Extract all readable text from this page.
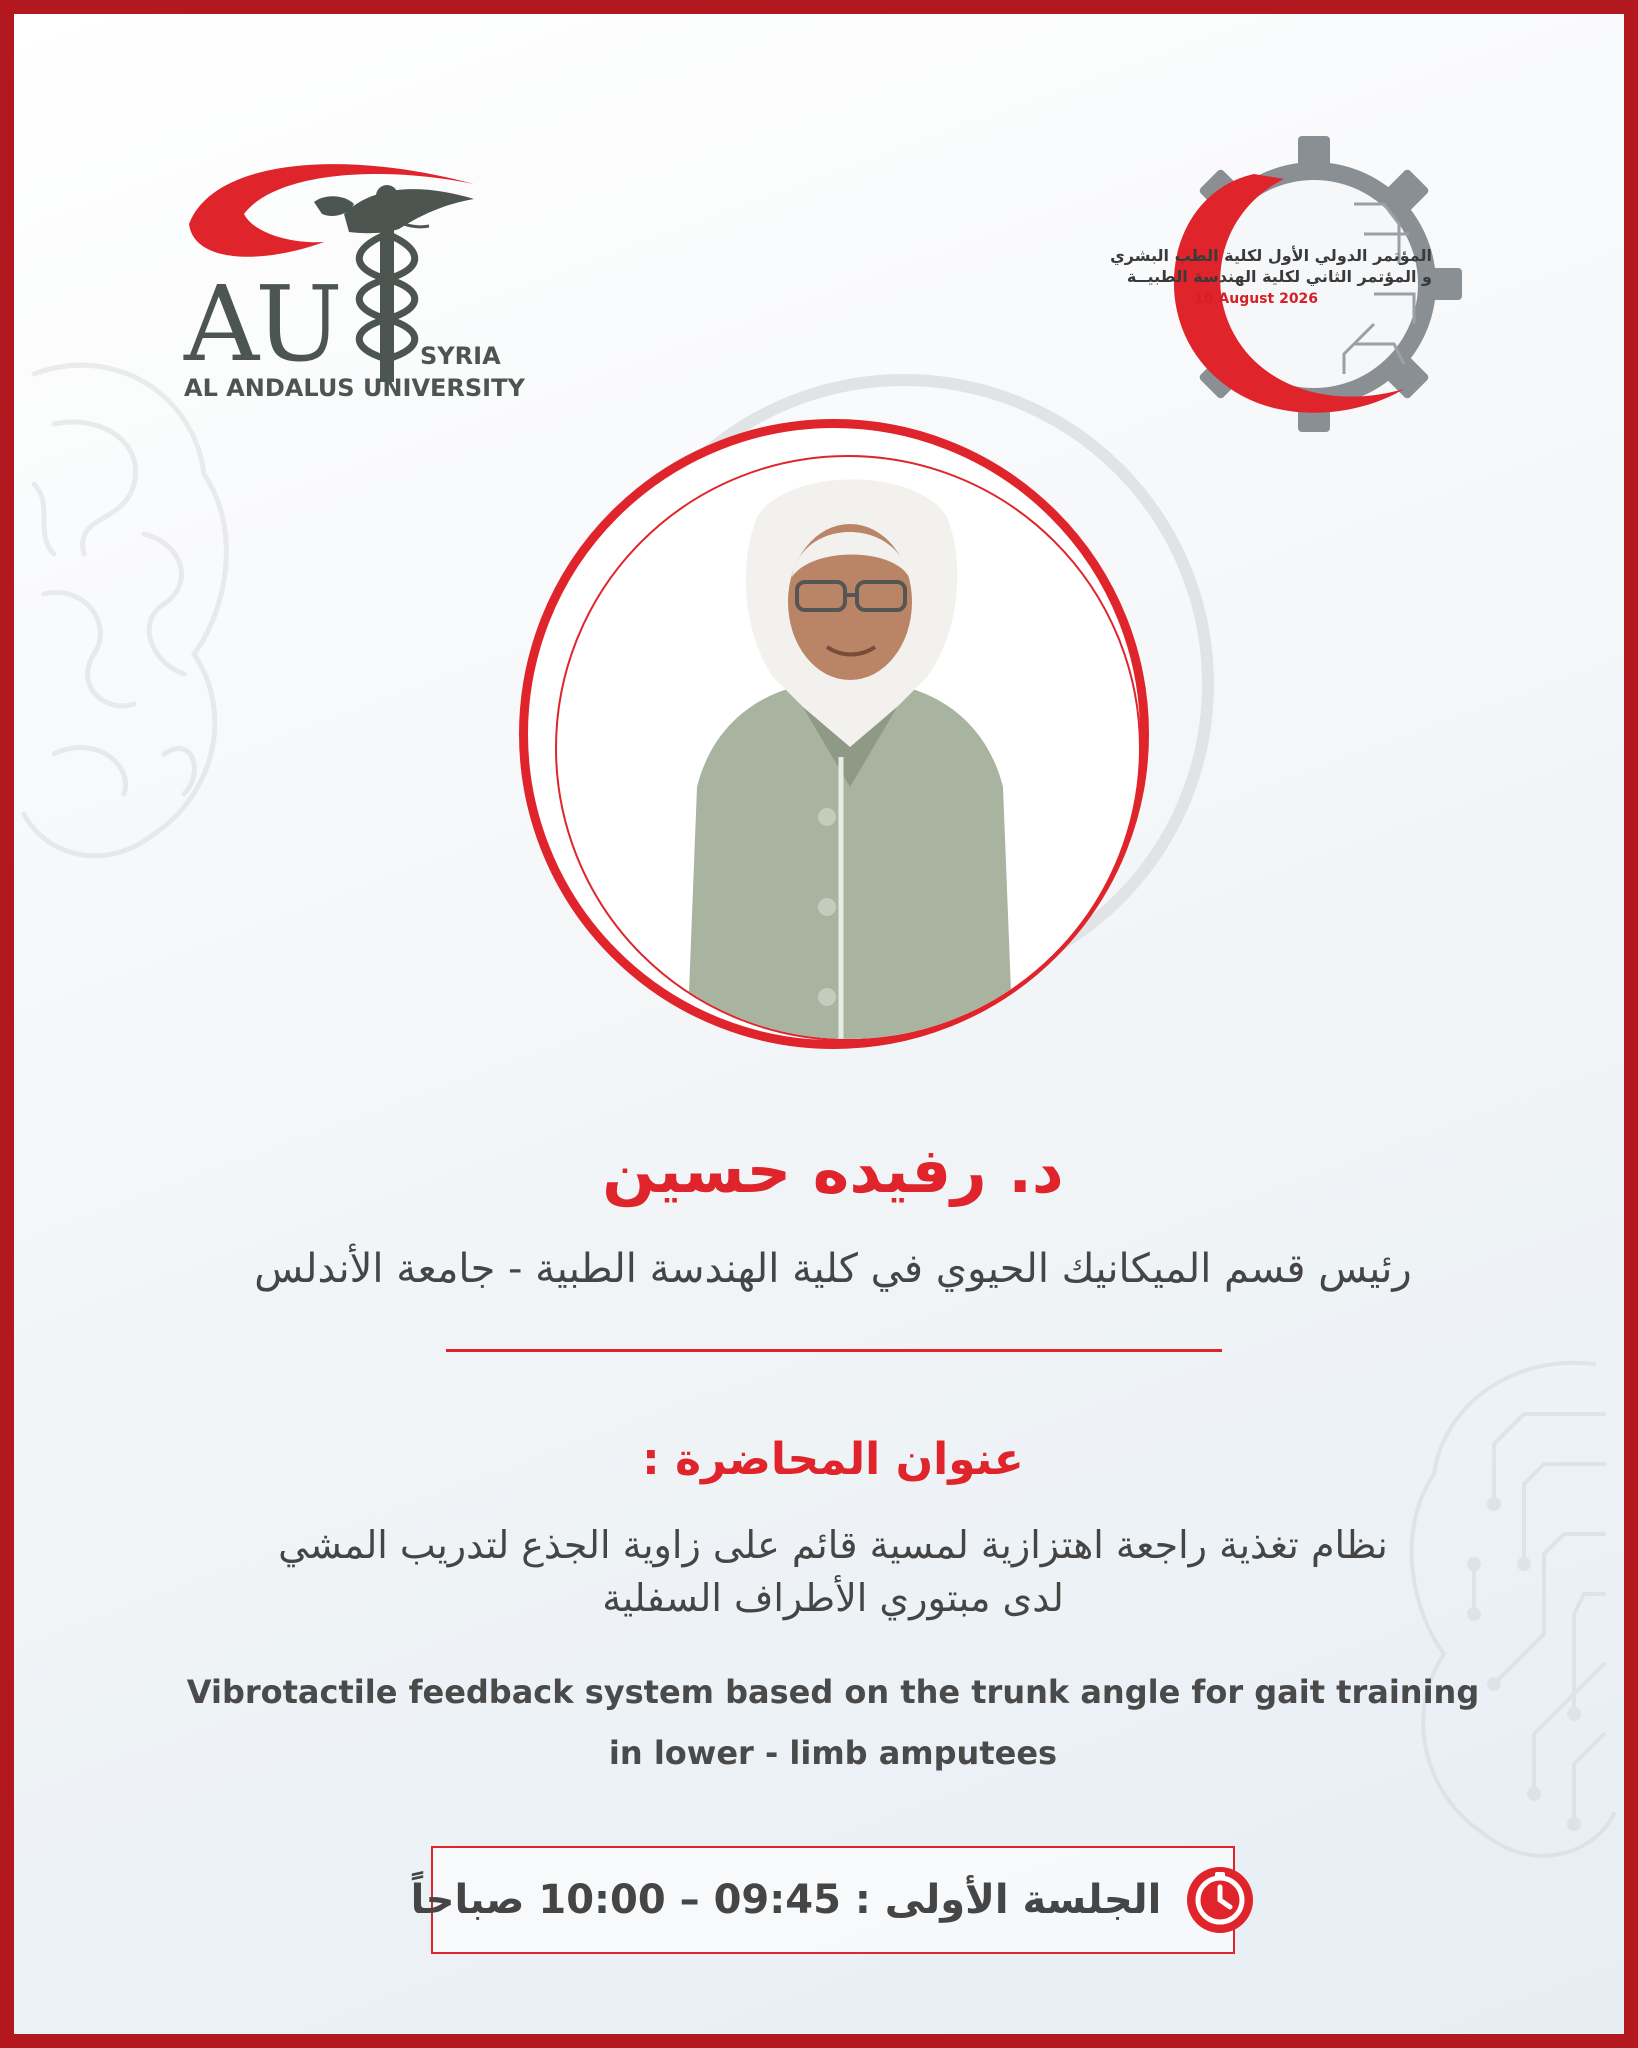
AU	SYRIA
AL ANDALUS UNIVERSITY
المؤتمر الدولي الأول لكلية الطب البشري
و المؤتمر الثاني لكلية الهندسة الطبيــة
10 August 2026
د. رفيده حسين
رئيس قسم الميكانيك الحيوي في كلية الهندسة الطبية - جامعة الأندلس
عنوان المحاضرة :
نظام تغذية راجعة اهتزازية لمسية قائم على زاوية الجذع لتدريب المشي
لدى مبتوري الأطراف السفلية
Vibrotactile feedback system based on the trunk angle for gait training
in lower - limb amputees
الجلسة الأولى : 09:45 – 10:00 صباحاً
